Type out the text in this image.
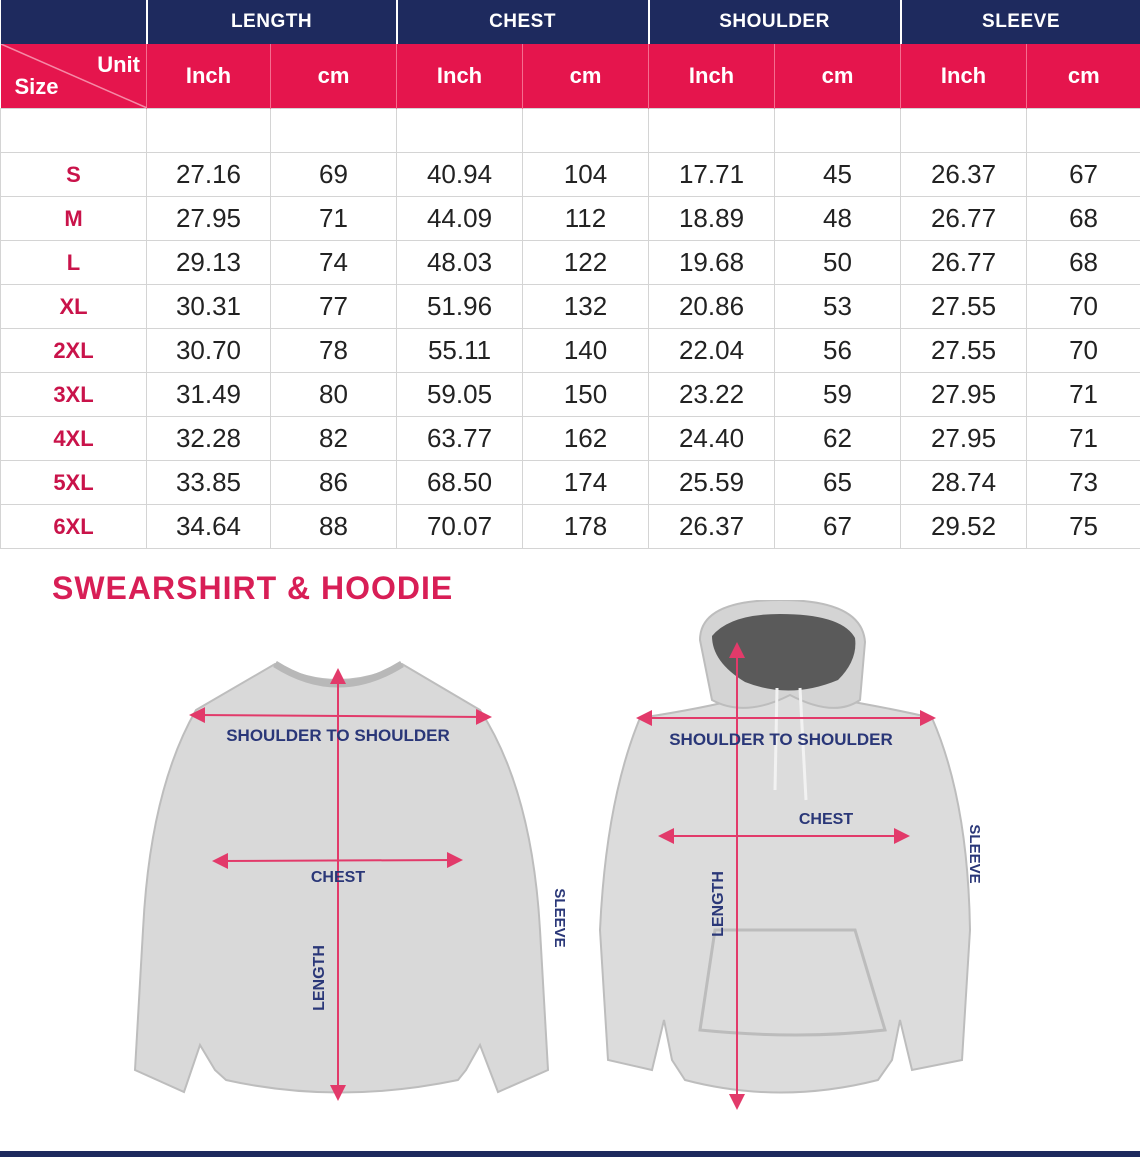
	LENGTH		CHEST		SHOULDER		SLEEVE	

Unit
Size	Inch	cm	Inch	cm	Inch	cm	Inch	cm

S	27.16	69	40.94	104	17.71	45	26.37	67
M	27.95	71	44.09	112	18.89	48	26.77	68
L	29.13	74	48.03	122	19.68	50	26.77	68
XL	30.31	77	51.96	132	20.86	53	27.55	70
2XL	30.70	78	55.11	140	22.04	56	27.55	70
3XL	31.49	80	59.05	150	23.22	59	27.95	71
4XL	32.28	82	63.77	162	24.40	62	27.95	71
5XL	33.85	86	68.50	174	25.59	65	28.74	73
6XL	34.64	88	70.07	178	26.37	67	29.52	75
SWEARSHIRT & HOODIE
SHOULDER TO SHOULDER
CHEST
LENGTH
SLEEVE
SHOULDER TO SHOULDER
CHEST
LENGTH
SLEEVE
